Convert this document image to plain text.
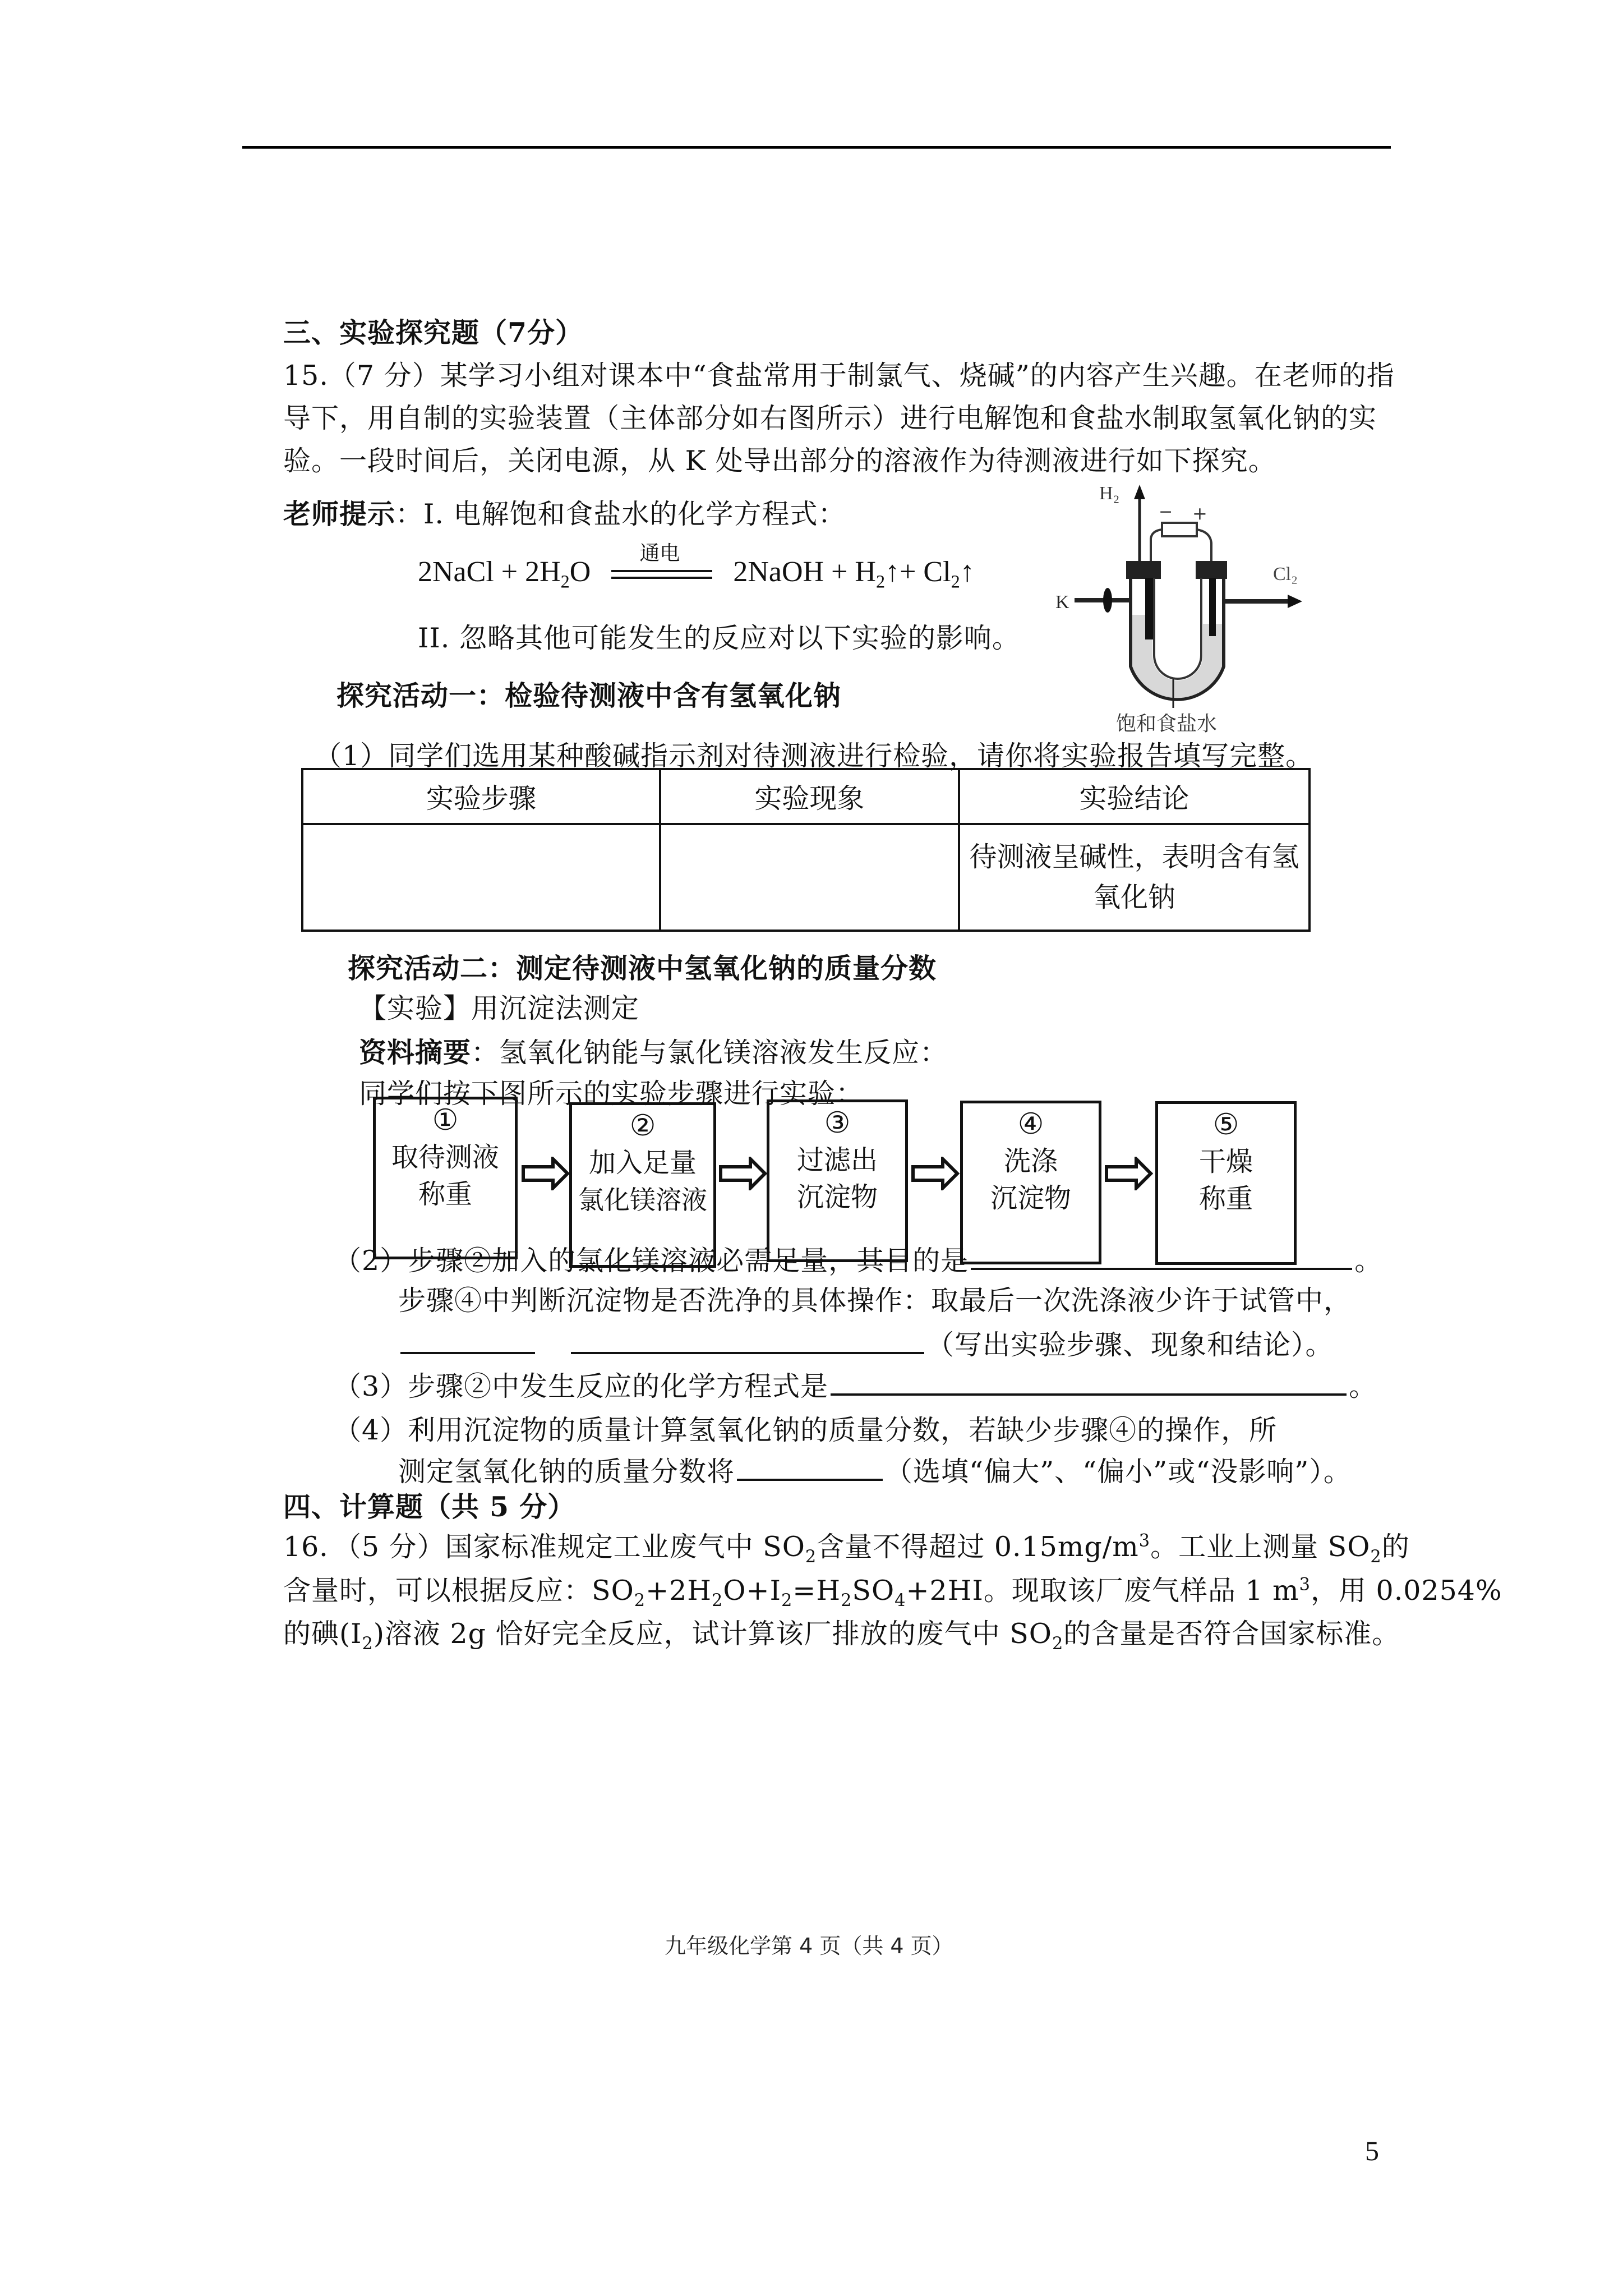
三、实验探究题（7分）
15.（7 分）某学习小组对课本中“食盐常用于制氯气、烧碱”的内容产生兴趣。在老师的指
导下，用自制的实验装置（主体部分如右图所示）进行电解饱和食盐水制取氢氧化钠的实
验。一段时间后，关闭电源，从 K 处导出部分的溶液作为待测液进行如下探究。
老师提示：I. 电解饱和食盐水的化学方程式：
2NaCl + $2H_2O$
通电
2NaOH + $H_2↑+$ $Cl_2↑$
II. 忽略其他可能发生的反应对以下实验的影响。
H₂
− +
K
Cl₂
饱和食盐水
探究活动一：检验待测液中含有氢氧化钠
（1）同学们选用某种酸碱指示剂对待测液进行检验，请你将实验报告填写完整。
实验步骤	实验现象	实验结论
		待测液呈碱性，表明含有氢氧化钠
探究活动二：测定待测液中氢氧化钠的质量分数
【实验】用沉淀法测定
资料摘要：氢氧化钠能与氯化镁溶液发生反应：
同学们按下图所示的实验步骤进行实验：
①
取待测液
称重
②
加入足量
氯化镁溶液
③
过滤出
沉淀物
④
洗涤
沉淀物
⑤
干燥
称重
（2）步骤②加入的氯化镁溶液必需足量，其目的是	。
步骤④中判断沉淀物是否洗净的具体操作：取最后一次洗涤液少许于试管中，
（写出实验步骤、现象和结论）。
（3）步骤②中发生反应的化学方程式是	。
（4）利用沉淀物的质量计算氢氧化钠的质量分数，若缺少步骤④的操作，所
测定氢氧化钠的质量分数将	（选填“偏大”、“偏小”或“没影响”）。
四、计算题（共 5 分）
16．（5 分）国家标准规定工业废气中 $SO_2$含量不得超过 $0.15mg/m^3$。工业上测量 $SO_2$的
含量时，可以根据反应：$SO_2+2H_2O+I_2=H_2SO_4+2HI$。现取该厂废气样品 1 $m^3$，用 0.0254%
的碘$(I_2)$溶液 2g 恰好完全反应，试计算该厂排放的废气中 $SO_2$的含量是否符合国家标准。
九年级化学第 4 页（共 4 页）
5
